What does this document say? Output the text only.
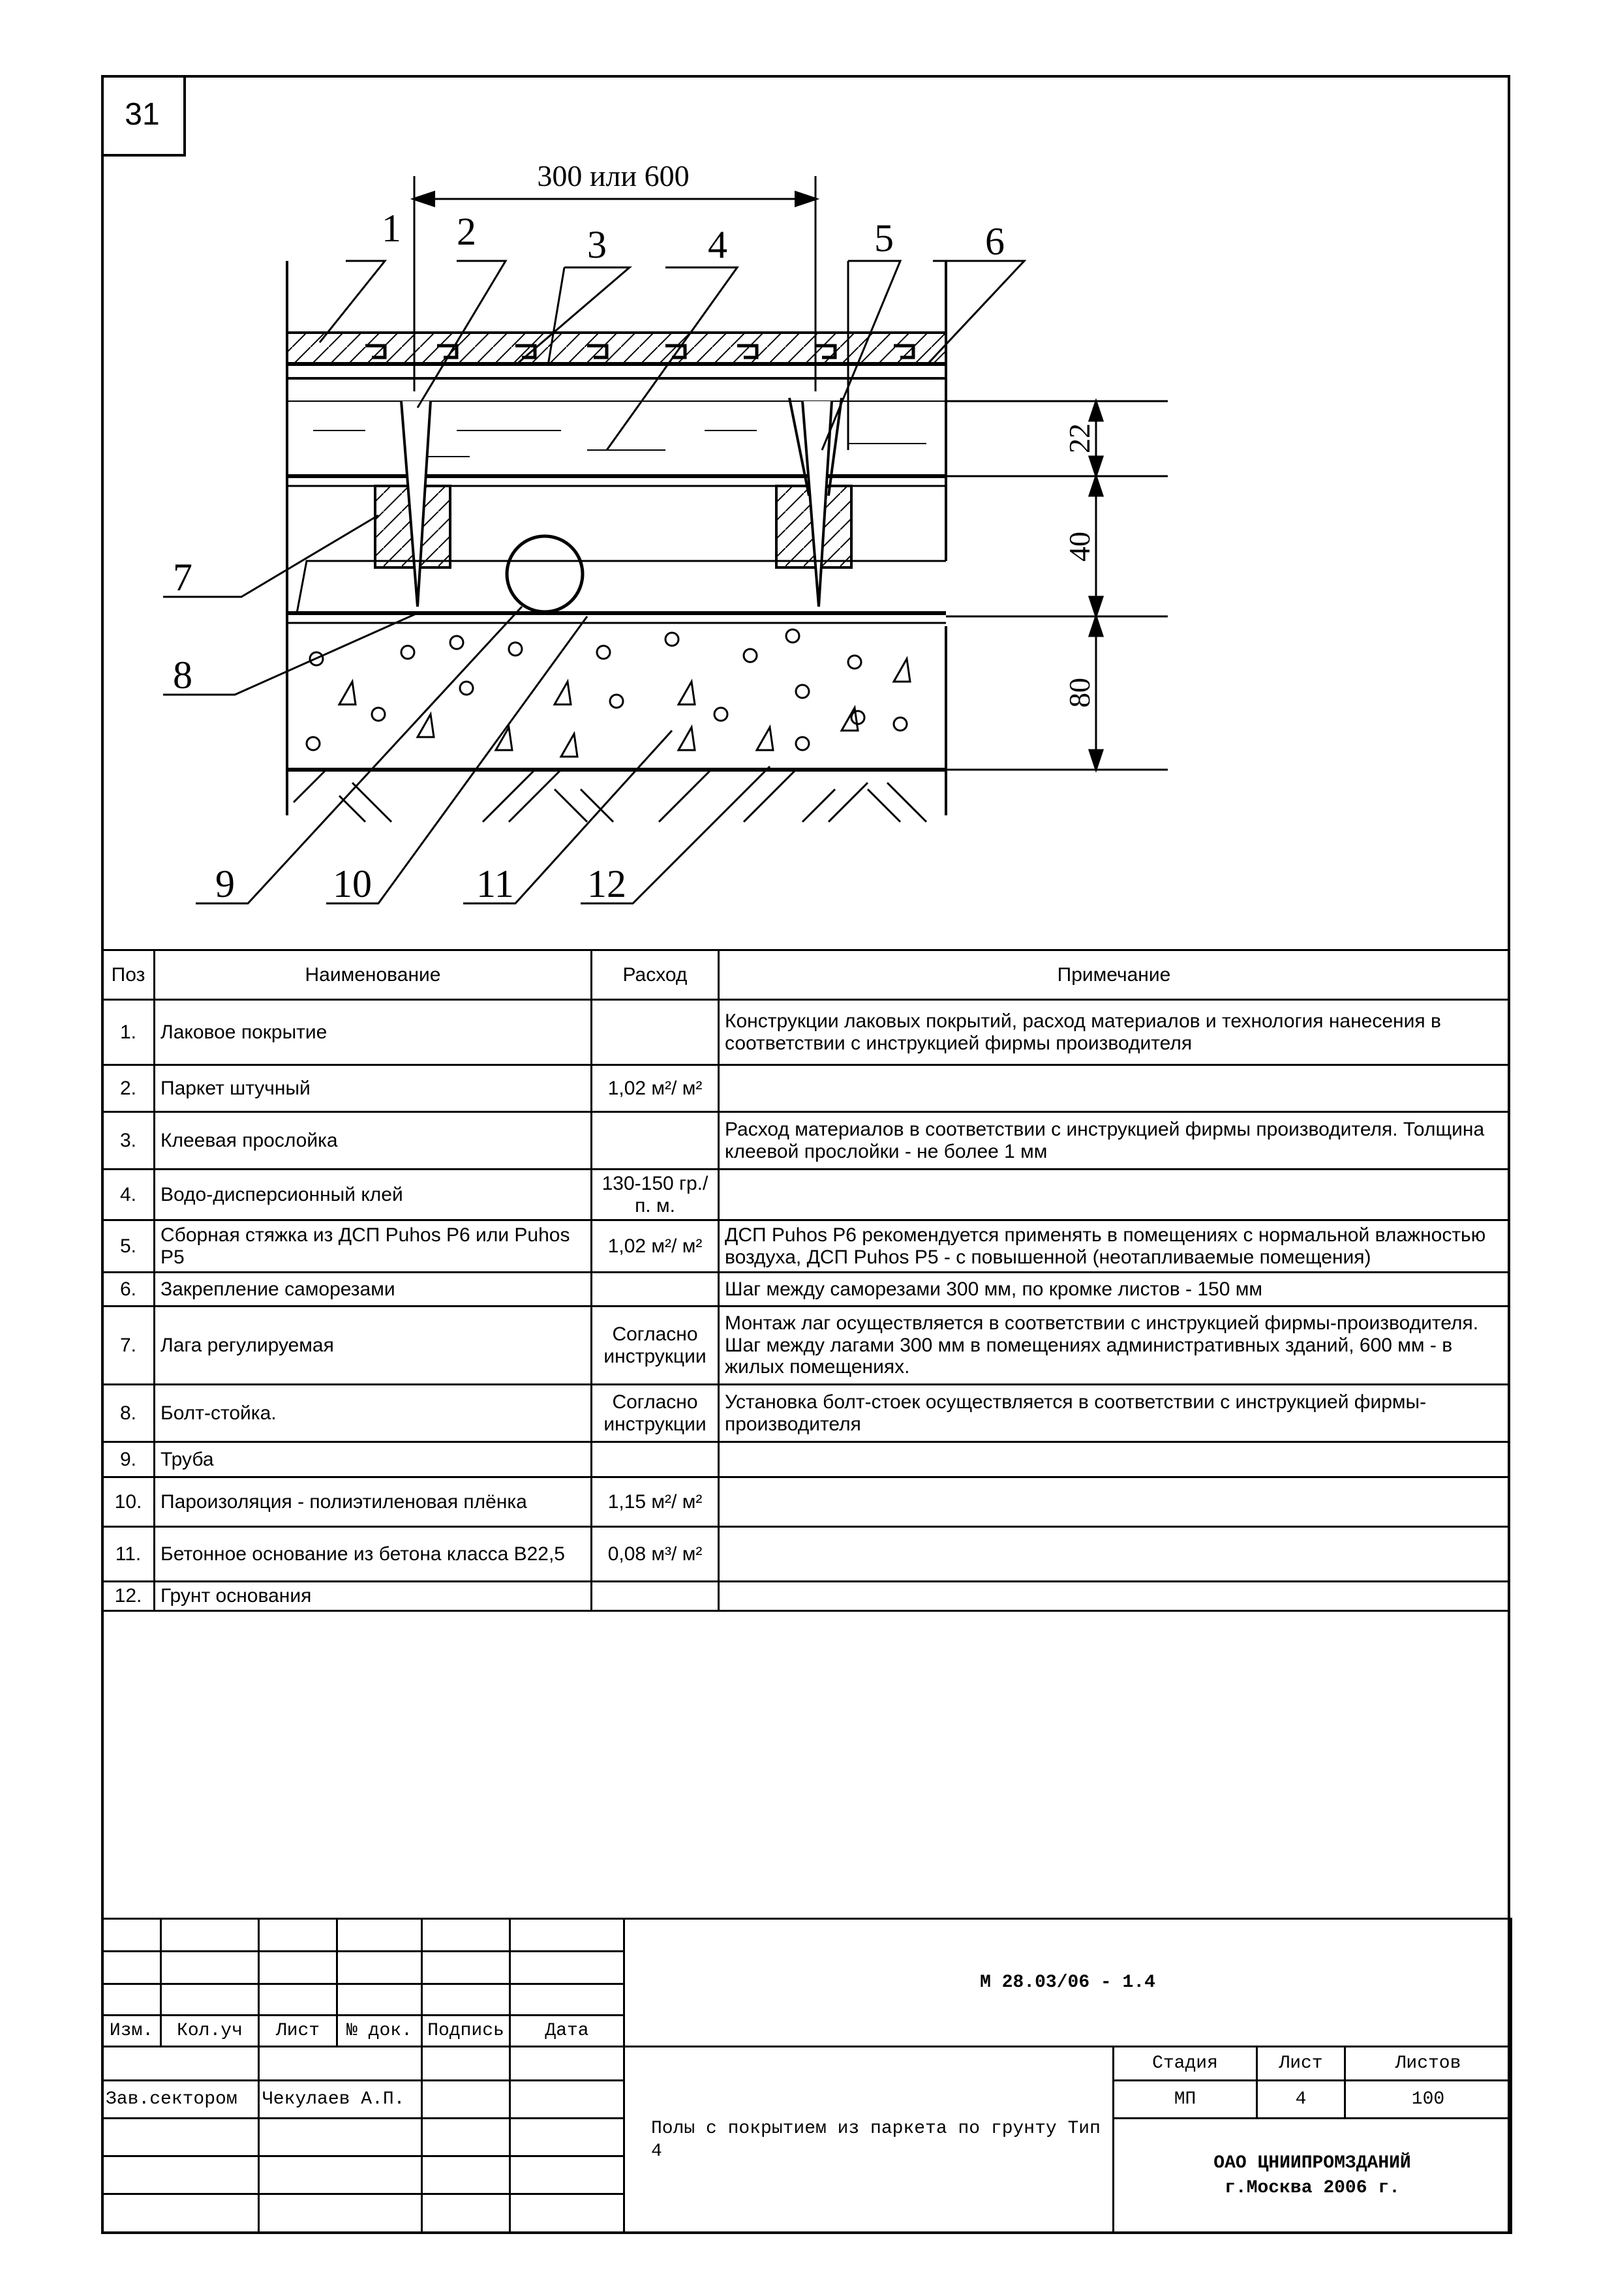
31
300 или 600
1 2	3	4	5 6
7
8
9	10	11 12
22
40
80
Поз	Наименование	Расход	Примечание
1.	Лаковое покрытие		Конструкции лаковых покрытий, расход материалов и технология нанесения в соответствии с инструкцией фирмы производителя
2.	Паркет штучный	1,02 м²/ м²	
3.	Клеевая прослойка		Расход материалов в соответствии с инструкцией фирмы производителя. Толщина клеевой прослойки - не более 1 мм
4.	Водо-дисперсионный клей	130-150 гр./п. м.	
5.	Сборная стяжка из ДСП Puhos P6 или Puhos P5	1,02 м²/ м²	ДСП Puhos P6 рекомендуется применять в помещениях с нормальной влажностью воздуха, ДСП Puhos P5 - с повышенной (неотапливаемые помещения)
6.	Закрепление саморезами		Шаг между саморезами 300 мм, по кромке листов - 150 мм
7.	Лага регулируемая	Согласно инструкции	Монтаж лаг осуществляется в соответствии с инструкцией фирмы-производителя. Шаг между лагами 300 мм в помещениях административных зданий, 600 мм - в жилых помещениях.
8.	Болт-стойка.	Согласно инструкции	Установка болт-стоек осуществляется в соответствии с инструкцией фирмы-производителя
9.	Труба		
10.	Пароизоляция - полиэтиленовая плёнка	1,15 м²/ м²	
11.	Бетонное основание из бетона класса В22,5	0,08 м³/ м²	
12.	Грунт основания		
						М 28.03/06 - 1.4			

Изм.	Кол.уч	Лист	№ док.	Подпись	Дата				
						Полы с покрытием из паркета по грунту Тип 4	Стадия	Лист	Листов
Зав.сектором		Чекулаев А.П.					МП	4	100

							ОАО ЦНИИПРОМЗДАНИЙ
г.Москва 2006 г.		
